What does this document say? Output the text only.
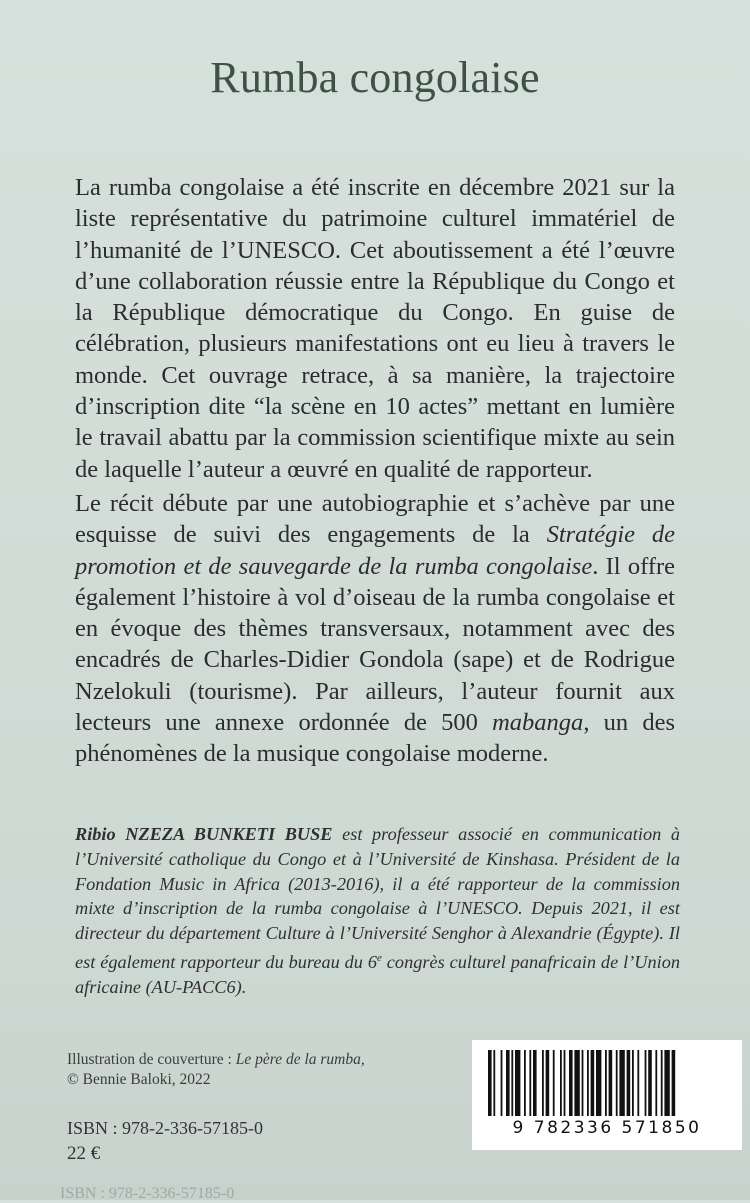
Rumba congolaise
La rumba congolaise a été inscrite en décembre 2021 sur la liste représentative du patrimoine culturel immatériel de l’humanité de l’UNESCO. Cet aboutissement a été l’œuvre d’une collaboration réussie entre la République du Congo et la République démocratique du Congo. En guise de célébration, plusieurs manifestations ont eu lieu à travers le monde. Cet ouvrage retrace, à sa manière, la trajectoire d’inscription dite “la scène en 10 actes” mettant en lumière le travail abattu par la commission scientifique mixte au sein de laquelle l’auteur a œuvré en qualité de rapporteur.
Le récit débute par une autobiographie et s’achève par une esquisse de suivi des engagements de la Stratégie de promotion et de sauvegarde de la rumba congolaise. Il offre également l’histoire à vol d’oiseau de la rumba congolaise et en évoque des thèmes transversaux, notamment avec des encadrés de Charles-Didier Gondola (sape) et de Rodrigue Nzelokuli (tourisme). Par ailleurs, l’auteur fournit aux lecteurs une annexe ordonnée de 500 mabanga, un des phénomènes de la musique congolaise moderne.
Ribio NZEZA BUNKETI BUSE est professeur associé en communication à l’Université catholique du Congo et à l’Université de Kinshasa. Président de la Fondation Music in Africa (2013-2016), il a été rapporteur de la commission mixte d’inscription de la rumba congolaise à l’UNESCO. Depuis 2021, il est directeur du département Culture à l’Université Senghor à Alexandrie (Égypte). Il est également rapporteur du bureau du 6e congrès culturel panafricain de l’Union africaine (AU-PACC6).
Illustration de couverture : Le père de la rumba,
© Bennie Baloki, 2022
ISBN : 978-2-336-57185-0
22 €
9 782336 571850
ISBN : 978-2-336-57185-0
